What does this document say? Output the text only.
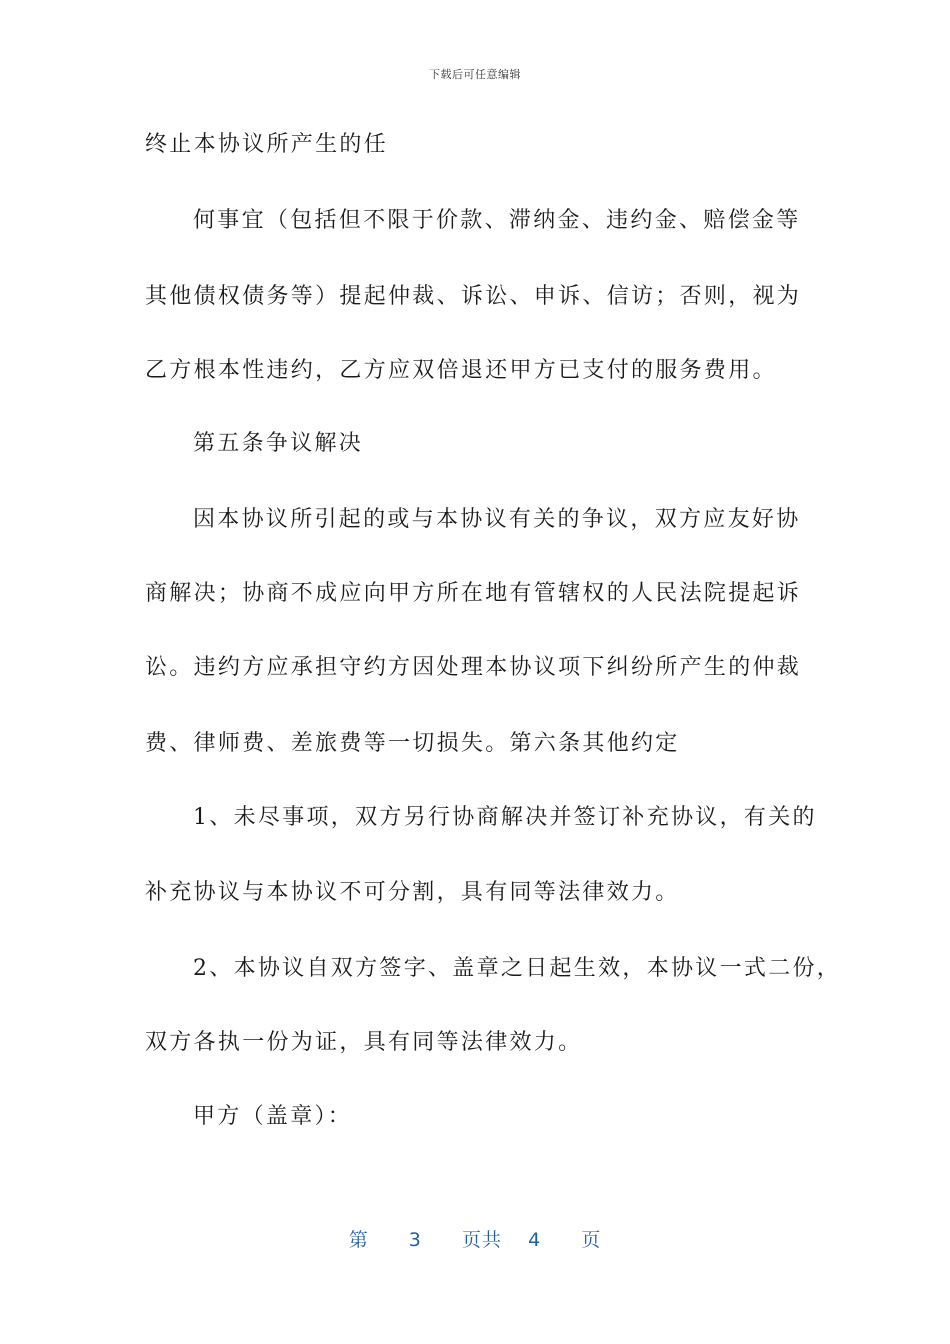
下载后可任意编辑
终止本协议所产生的任
何事宜（包括但不限于价款、滞纳金、违约金、赔偿金等
其他债权债务等）提起仲裁、诉讼、申诉、信访；否则，视为
乙方根本性违约，乙方应双倍退还甲方已支付的服务费用。
第五条争议解决
因本协议所引起的或与本协议有关的争议，双方应友好协
商解决；协商不成应向甲方所在地有管辖权的人民法院提起诉
讼。违约方应承担守约方因处理本协议项下纠纷所产生的仲裁
费、律师费、差旅费等一切损失。第六条其他约定
1、未尽事项，双方另行协商解决并签订补充协议，有关的
补充协议与本协议不可分割，具有同等法律效力。
2、本协议自双方签字、盖章之日起生效，本协议一式二份，
双方各执一份为证，具有同等法律效力。
甲方（盖章）：
第 3 页共 4 页
